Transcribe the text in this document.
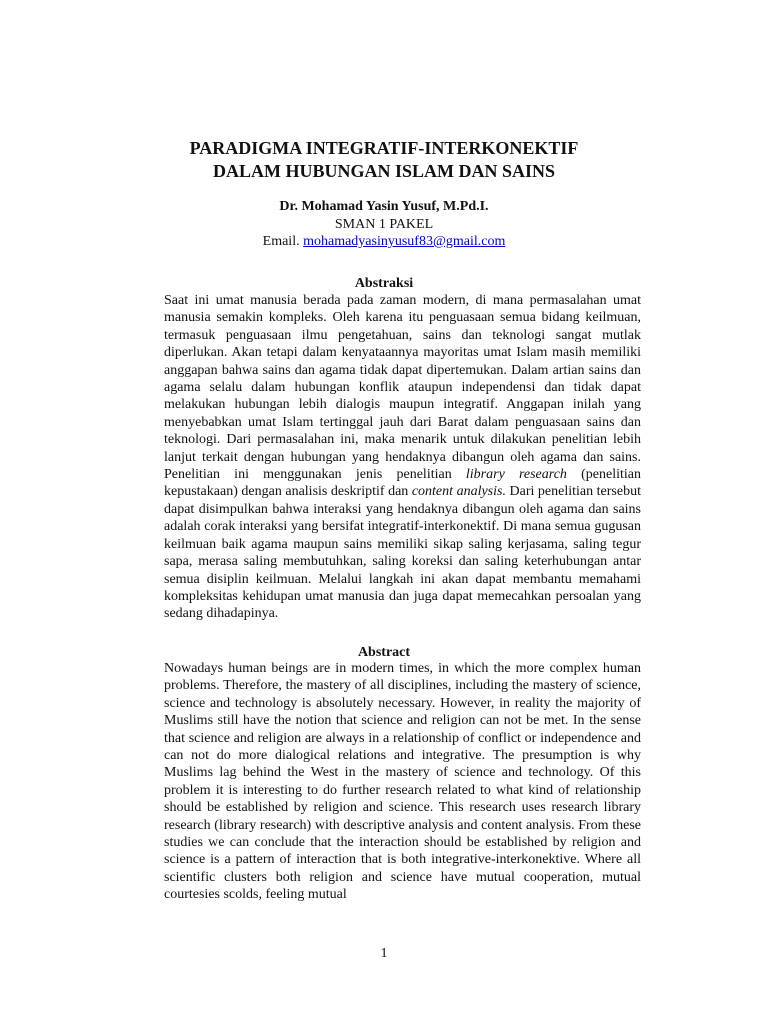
PARADIGMA INTEGRATIF-INTERKONEKTIF
DALAM HUBUNGAN ISLAM DAN SAINS
Dr. Mohamad Yasin Yusuf, M.Pd.I.
SMAN 1 PAKEL
Email. mohamadyasinyusuf83@gmail.com
Abstraksi
Saat ini umat manusia berada pada zaman modern, di mana permasalahan umat manusia semakin kompleks. Oleh karena itu penguasaan semua bidang keilmuan, termasuk penguasaan ilmu pengetahuan, sains dan teknologi sangat mutlak diperlukan. Akan tetapi dalam kenyataannya mayoritas umat Islam masih memiliki anggapan bahwa sains dan agama tidak dapat dipertemukan. Dalam artian sains dan agama selalu dalam hubungan konflik ataupun independensi dan tidak dapat melakukan hubungan lebih dialogis maupun integratif. Anggapan inilah yang menyebabkan umat Islam tertinggal jauh dari Barat dalam penguasaan sains dan teknologi. Dari permasalahan ini, maka menarik untuk dilakukan penelitian lebih lanjut terkait dengan hubungan yang hendaknya dibangun oleh agama dan sains. Penelitian ini menggunakan jenis penelitian library research (penelitian kepustakaan) dengan analisis deskriptif dan content analysis. Dari penelitian tersebut dapat disimpulkan bahwa interaksi yang hendaknya dibangun oleh agama dan sains adalah corak interaksi yang bersifat integratif-interkonektif. Di mana semua gugusan keilmuan baik agama maupun sains memiliki sikap saling kerjasama, saling tegur sapa, merasa saling membutuhkan, saling koreksi dan saling keterhubungan antar semua disiplin keilmuan. Melalui langkah ini akan dapat membantu memahami kompleksitas kehidupan umat manusia dan juga dapat memecahkan persoalan yang sedang dihadapinya.
Abstract
Nowadays human beings are in modern times, in which the more complex human problems. Therefore, the mastery of all disciplines, including the mastery of science, science and technology is absolutely necessary. However, in reality the majority of Muslims still have the notion that science and religion can not be met. In the sense that science and religion are always in a relationship of conflict or independence and can not do more dialogical relations and integrative. The presumption is why Muslims lag behind the West in the mastery of science and technology. Of this problem it is interesting to do further research related to what kind of relationship should be established by religion and science. This research uses research library research (library research) with descriptive analysis and content analysis. From these studies we can conclude that the interaction should be established by religion and science is a pattern of interaction that is both integrative-interkonektive. Where all scientific clusters both religion and science have mutual cooperation, mutual courtesies scolds, feeling mutual
1
